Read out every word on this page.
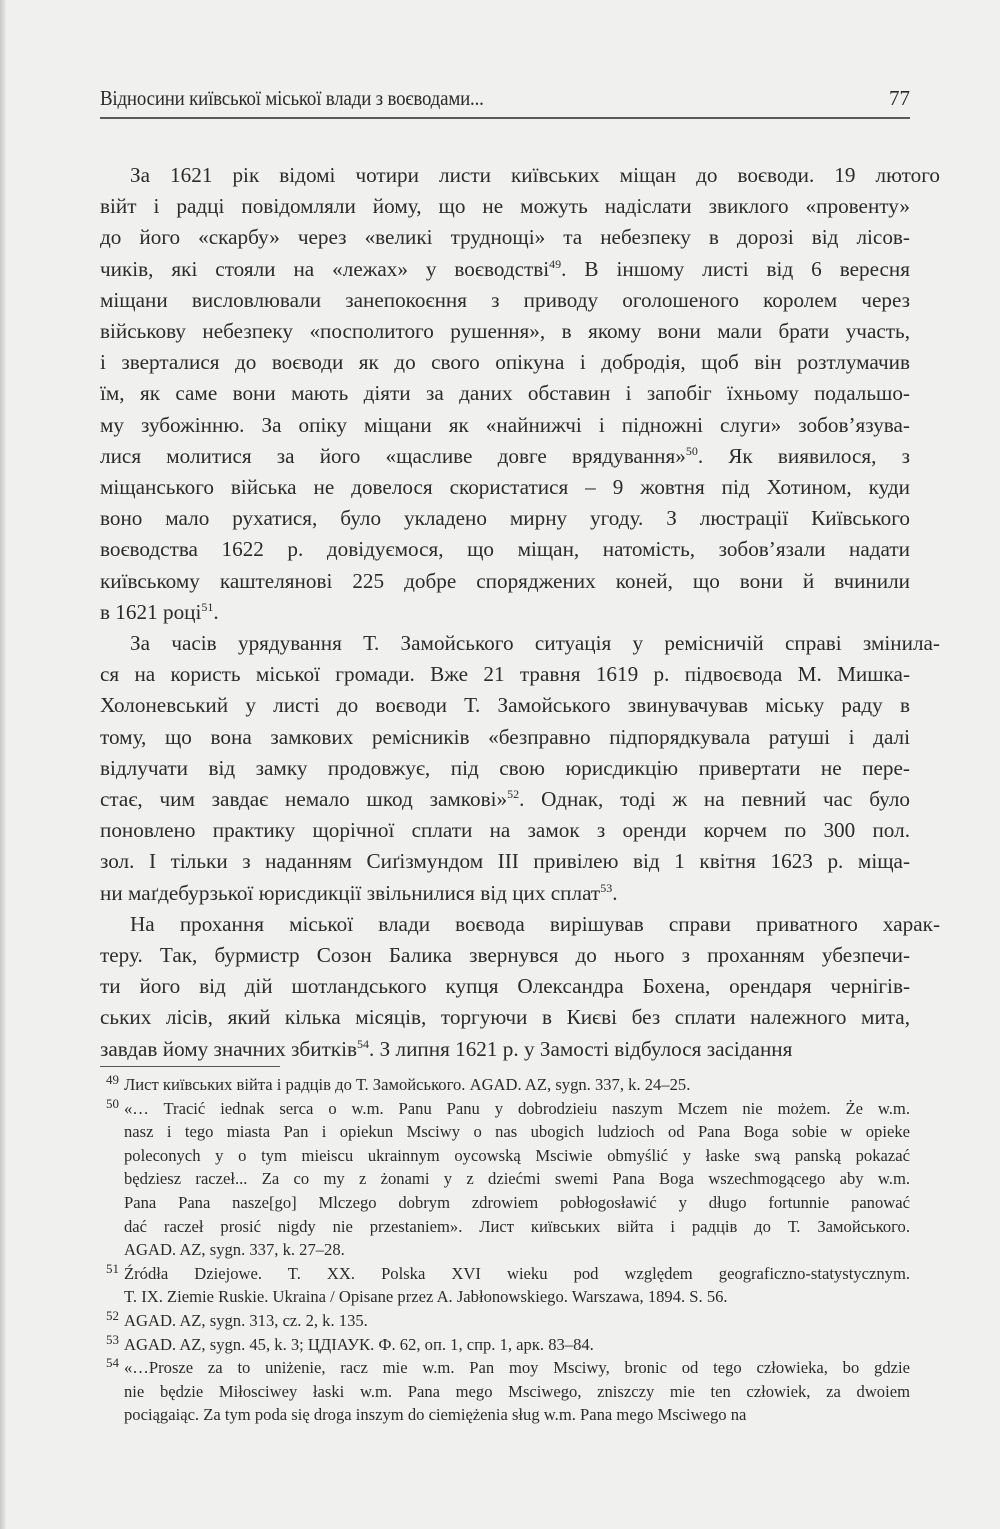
Відносини київської міської влади з воєводами...	77
За 1621 рік відомі чотири листи київських міщан до воєводи. 19 лютого
війт і радці повідомляли йому, що не можуть надіслати звиклого «провенту»
до його «скарбу» через «великі труднощі» та небезпеку в дорозі від лісов-
чиків, які стояли на «лежах» у воєводстві$^{49}$. В іншому листі від 6 вересня
міщани висловлювали занепокоєння з приводу оголошеного королем через
військову небезпеку «посполитого рушення», в якому вони мали брати участь,
і зверталися до воєводи як до свого опікуна і добродія, щоб він розтлумачив
їм, як саме вони мають діяти за даних обставин і запобіг їхньому подальшо-
му зубожінню. За опіку міщани як «найнижчі і підножні слуги» зобов’язува-
лися молитися за його «щасливе довге врядування»$^{50}$. Як виявилося, з
міщанського війська не довелося скористатися – 9 жовтня під Хотином, куди
воно мало рухатися, було укладено мирну угоду. З люстрації Київського
воєводства 1622 р. довідуємося, що міщан, натомість, зобов’язали надати
київському каштелянові 225 добре споряджених коней, що вони й вчинили
в 1621 році$^{51}$.
За часів урядування Т. Замойського ситуація у ремісничій справі змінила-
ся на користь міської громади. Вже 21 травня 1619 р. підвоєвода М. Мишка-
Холоневський у листі до воєводи Т. Замойського звинувачував міську раду в
тому, що вона замкових ремісників «безправно підпорядкувала ратуші і далі
відлучати від замку продовжує, під свою юрисдикцію привертати не пере-
стає, чим завдає немало шкод замкові»$^{52}$. Однак, тоді ж на певний час було
поновлено практику щорічної сплати на замок з оренди корчем по 300 пол.
зол. І тільки з наданням Сиґізмундом III привілею від 1 квітня 1623 р. міща-
ни маґдебурзької юрисдикції звільнилися від цих сплат$^{53}$.
На прохання міської влади воєвода вирішував справи приватного харак-
теру. Так, бурмистр Созон Балика звернувся до нього з проханням убезпечи-
ти його від дій шотландського купця Олександра Бохена, орендаря чернігів-
ських лісів, який кілька місяців, торгуючи в Києві без сплати належного мита,
завдав йому значних збитків$^{54}$. З липня 1621 р. у Замості відбулося засідання
49 Лист київських війта і радців до Т. Замойського. AGAD. AZ, sygn. 337, k. 24–25.
50 «… Tracić iednak serca o w.m. Panu Panu y dobrodzieiu naszym Mczem nie możem. Że w.m.
nasz i tego miasta Pan i opiekun Msciwy o nas ubogich ludzioch od Pana Boga sobie w opieke
poleconych y o tym mieiscu ukrainnym oycowską Msciwie obmyślić y łaske swą panską pokazać
będziesz raczeł... Za co my z żonami y z dziećmi swemi Pana Boga wszechmogącego aby w.m.
Pana Pana nasze[go] Mlczego dobrym zdrowiem pobłogosławić y długo fortunnie panować
dać raczeł prosić nigdy nie przestaniem». Лист київських війта і радців до Т. Замойського.
AGAD. AZ, sygn. 337, k. 27–28.
51 Źródła Dziejowe. T. XX. Polska XVI wieku pod względem geograficzno-statystycznym.
T. IX. Ziemie Ruskie. Ukraina / Opisane przez A. Jabłonowskiego. Warszawa, 1894. S. 56.
52 AGAD. AZ, sygn. 313, cz. 2, k. 135.
53 AGAD. AZ, sygn. 45, k. 3; ЦДІАУК. Ф. 62, оп. 1, спр. 1, арк. 83–84.
54 «…Prosze za to uniżenie, racz mie w.m. Pan moy Msciwy, bronic od tego człowieka, bo gdzie
nie będzie Miłosciwey łaski w.m. Pana mego Msciwego, zniszczy mie ten człowiek, za dwoiem
pociągaiąc. Za tym poda się droga inszym do ciemiężenia sług w.m. Pana mego Msciwego na
